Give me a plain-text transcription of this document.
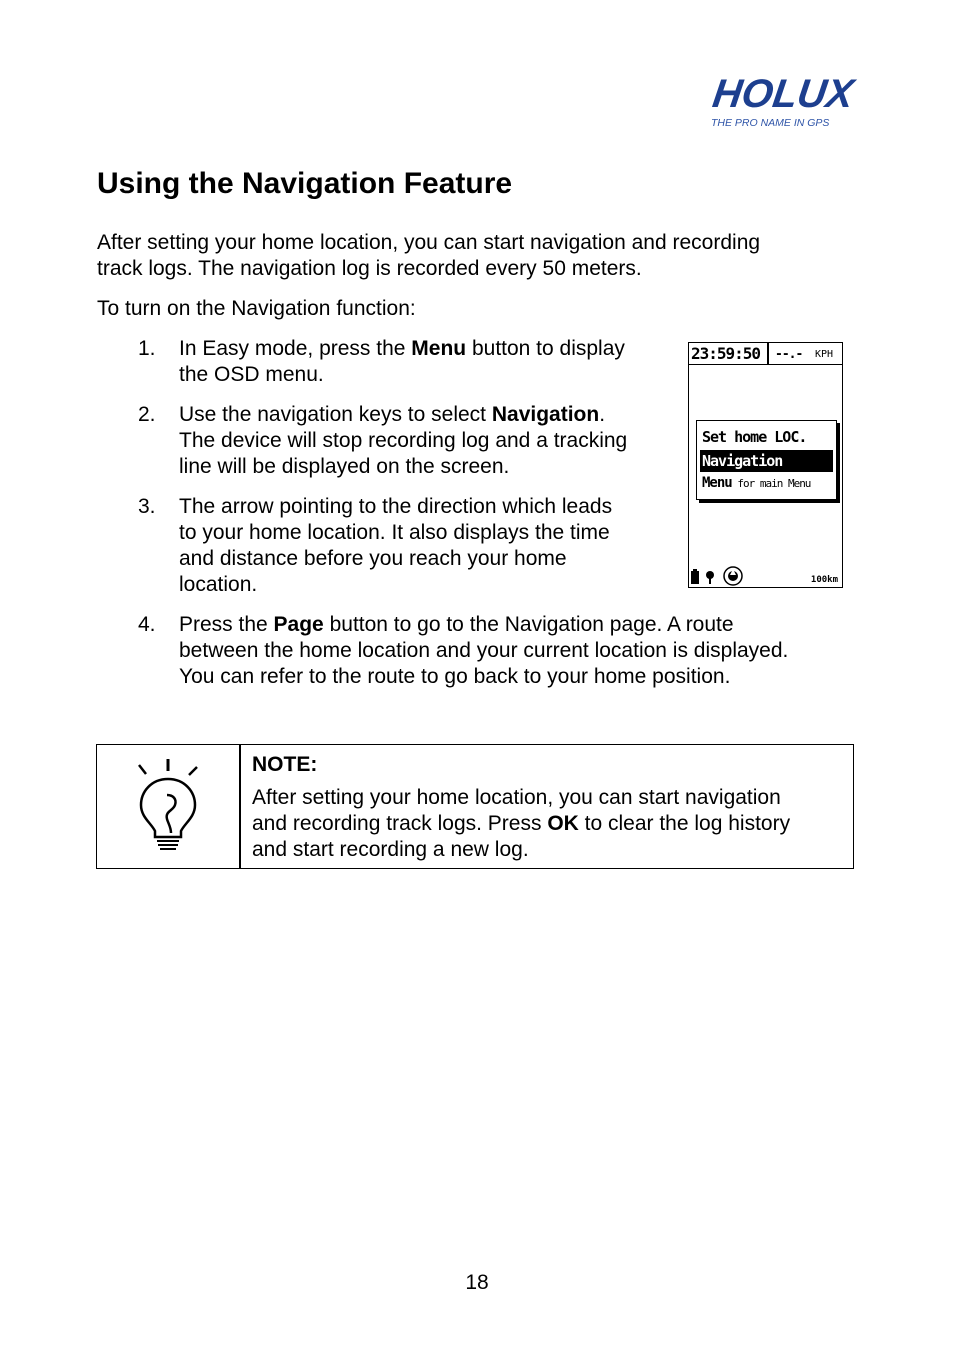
HOLUX
THE PRO NAME IN GPS
Using the Navigation Feature

After setting your home location, you can start navigation and recording
track logs. The navigation log is recorded every 50 meters.

To turn on the Navigation function:

1. In Easy mode, press the Menu button to display
the OSD menu.
2. Use the navigation keys to select Navigation.
The device will stop recording log and a tracking
line will be displayed on the screen.
3. The arrow pointing to the direction which leads
to your home location. It also displays the time
and distance before you reach your home
location.
4. Press the Page button to go to the Navigation page. A route
between the home location and your current location is displayed.
You can refer to the route to go back to your home position.
23:59:50 --.- KPH
Set home LOC.
Navigation
Menu for main Menu
100km
NOTE:
After setting your home location, you can start navigation
and recording track logs. Press OK to clear the log history
and start recording a new log.
18
